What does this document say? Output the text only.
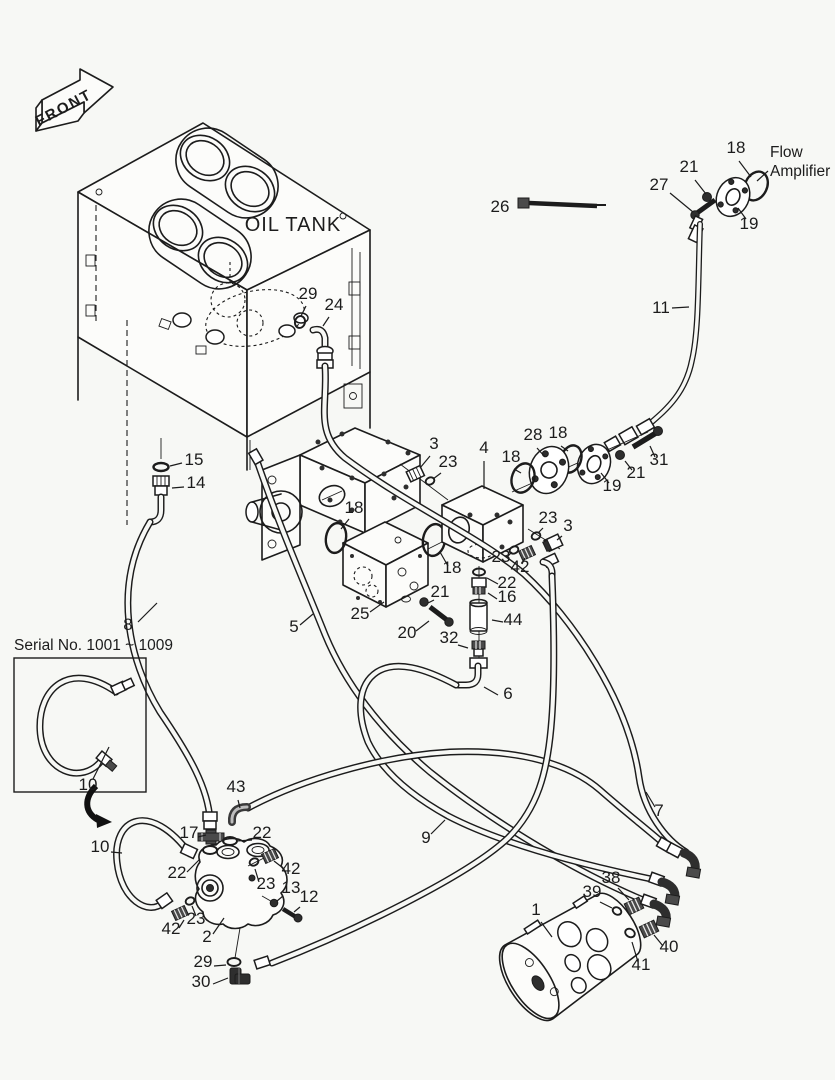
FRONT
OIL TANK
Flow
Amplifier
Serial No. 1001 ~ 1009
26
27
21
18
19
11
29
24
15
14
8
3
23
4 18
28 18
19
21
31
23 3
23
42
18
18
25
21
20 32
5
22
16
44
6
10
10
43
17	22
22	42
23 13 12
42
23
2
29
30
9
7
38
39
1
40
41
